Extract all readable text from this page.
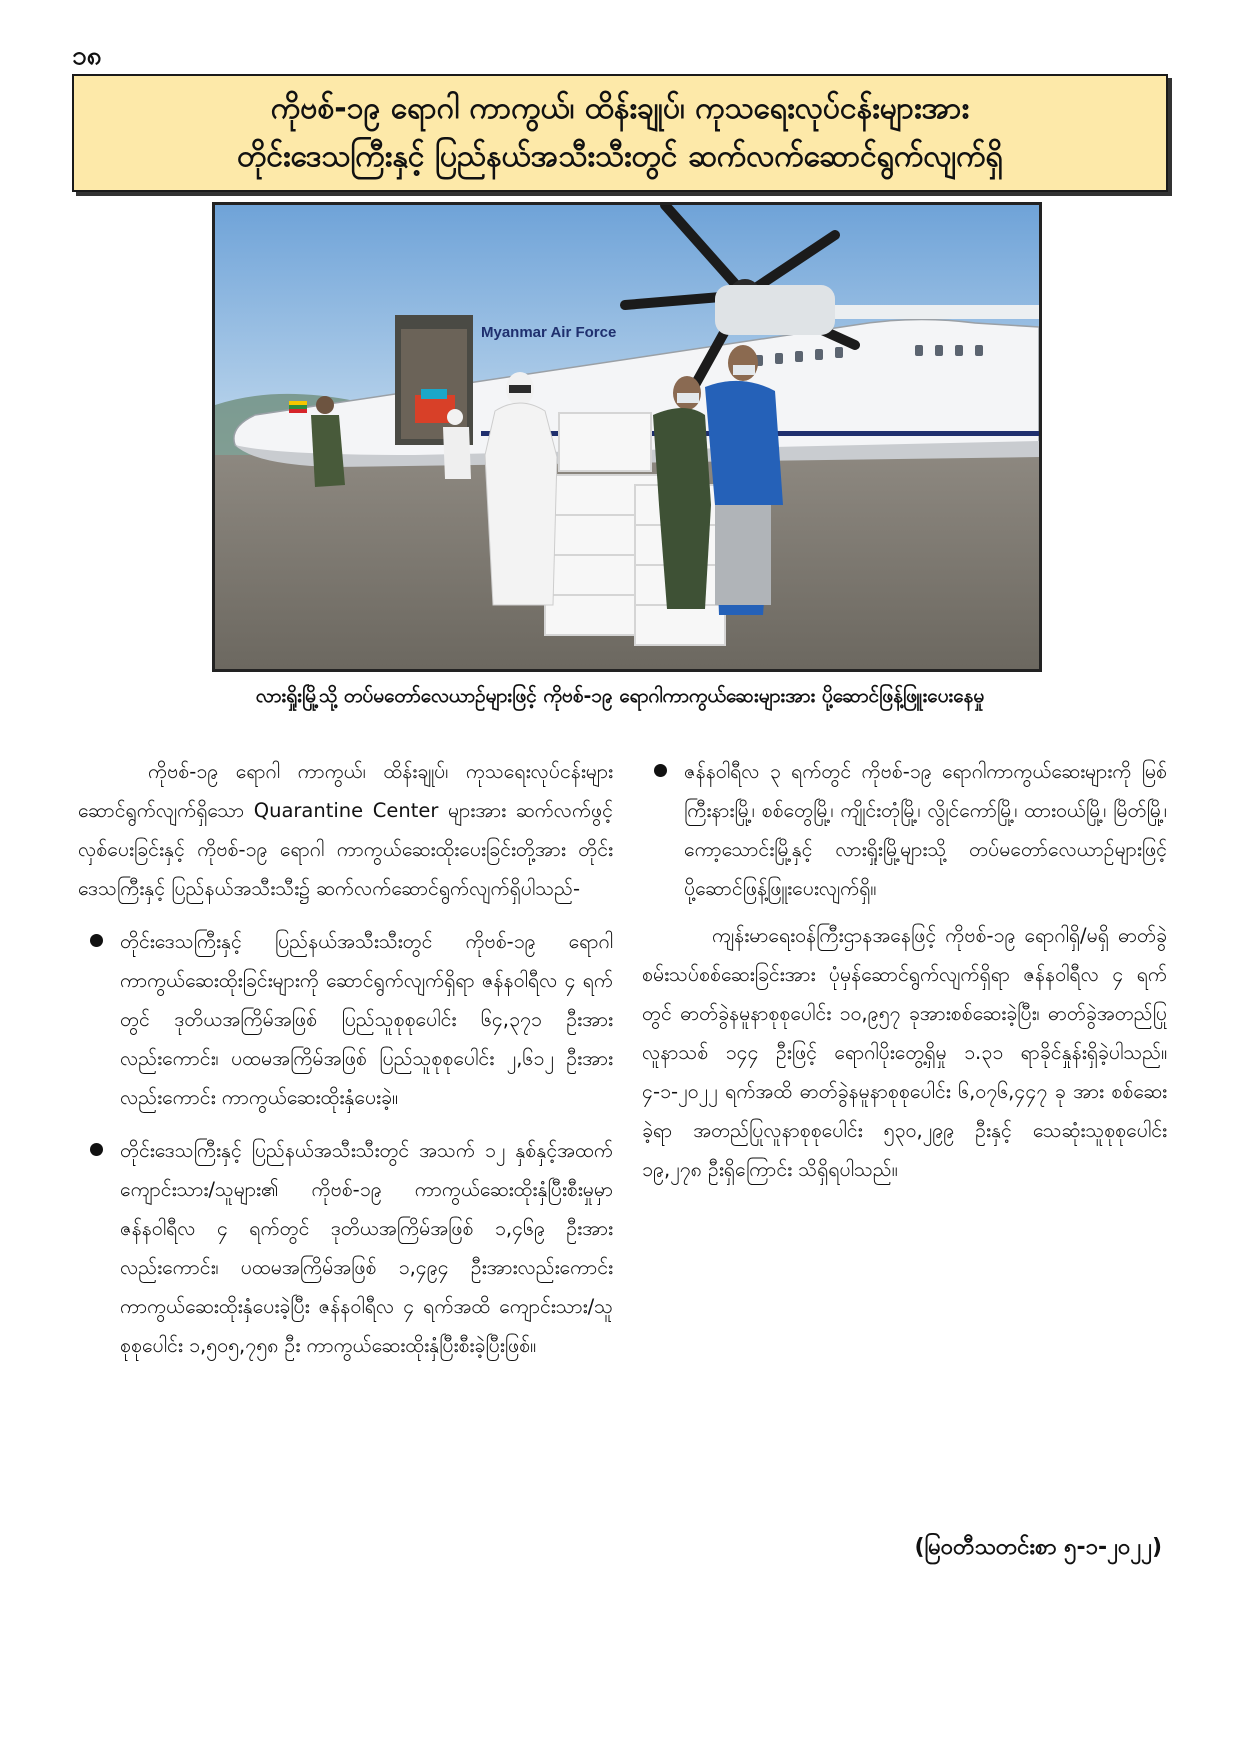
၁၈
ကိုဗစ်-၁၉ ရောဂါ ကာကွယ်၊ ထိန်းချုပ်၊ ကုသရေးလုပ်ငန်းများအား
တိုင်းဒေသကြီးနှင့် ပြည်နယ်အသီးသီးတွင် ဆက်လက်ဆောင်ရွက်လျက်ရှိ
Myanmar Air Force
လားရှိုးမြို့သို့ တပ်မတော်လေယာဉ်များဖြင့် ကိုဗစ်-၁၉ ရောဂါကာကွယ်ဆေးများအား ပို့ဆောင်ဖြန့်ဖြူးပေးနေမှု

ကိုဗစ်-၁၉ ရောဂါ ကာကွယ်၊ ထိန်းချုပ်၊ ကုသရေးလုပ်ငန်းများဆောင်ရွက်လျက်ရှိသော Quarantine Center များအား ဆက်လက်ဖွင့်လှစ်ပေးခြင်းနှင့် ကိုဗစ်-၁၉ ရောဂါ ကာကွယ်ဆေးထိုးပေးခြင်းတို့အား တိုင်းဒေသကြီးနှင့် ပြည်နယ်အသီးသီး၌ ဆက်လက်ဆောင်ရွက်လျက်ရှိပါသည်-

တိုင်းဒေသကြီးနှင့် ပြည်နယ်အသီးသီးတွင် ကိုဗစ်-၁၉ ရောဂါ ကာကွယ်ဆေးထိုးခြင်းများကို ဆောင်ရွက်လျက်ရှိရာ ဇန်နဝါရီလ ၄ ရက်တွင် ဒုတိယအကြိမ်အဖြစ် ပြည်သူစုစုပေါင်း ၆၄,၃၇၁ ဦးအားလည်းကောင်း၊ ပထမအကြိမ်အဖြစ် ပြည်သူစုစုပေါင်း ၂,၆၁၂ ဦးအားလည်းကောင်း ကာကွယ်ဆေးထိုးနှံပေးခဲ့။

တိုင်းဒေသကြီးနှင့် ပြည်နယ်အသီးသီးတွင် အသက် ၁၂ နှစ်နှင့်အထက် ကျောင်းသား/သူများ၏ ကိုဗစ်-၁၉ ကာကွယ်ဆေးထိုးနှံပြီးစီးမှုမှာ ဇန်နဝါရီလ ၄ ရက်တွင် ဒုတိယအကြိမ်အဖြစ် ၁,၄၆၉ ဦးအားလည်းကောင်း၊ ပထမအကြိမ်အဖြစ် ၁,၄၉၄ ဦးအားလည်းကောင်း ကာကွယ်ဆေးထိုးနှံပေးခဲ့ပြီး ဇန်နဝါရီလ ၄ ရက်အထိ ကျောင်းသား/သူစုစုပေါင်း ၁,၅၀၅,၇၅၈ ဦး ကာကွယ်ဆေးထိုးနှံပြီးစီးခဲ့ပြီးဖြစ်။

ဇန်နဝါရီလ ၃ ရက်တွင် ကိုဗစ်-၁၉ ရောဂါကာကွယ်ဆေးများကို မြစ်ကြီးနားမြို့၊ စစ်တွေမြို့၊ ကျိုင်းတုံမြို့၊ လွိုင်ကော်မြို့၊ ထားဝယ်မြို့၊ မြိတ်မြို့၊ ကော့သောင်းမြို့နှင့် လားရှိုးမြို့များသို့ တပ်မတော်လေယာဉ်များဖြင့် ပို့ဆောင်ဖြန့်ဖြူးပေးလျက်ရှိ။

ကျန်းမာရေးဝန်ကြီးဌာနအနေဖြင့် ကိုဗစ်-၁၉ ရောဂါရှိ/မရှိ ဓာတ်ခွဲစမ်းသပ်စစ်ဆေးခြင်းအား ပုံမှန်ဆောင်ရွက်လျက်ရှိရာ ဇန်နဝါရီလ ၄ ရက်တွင် ဓာတ်ခွဲနမူနာစုစုပေါင်း ၁၀,၉၅၇ ခုအားစစ်ဆေးခဲ့ပြီး၊ ဓာတ်ခွဲအတည်ပြုလူနာသစ် ၁၄၄ ဦးဖြင့် ရောဂါပိုးတွေ့ရှိမှု ၁.၃၁ ရာခိုင်နှုန်းရှိခဲ့ပါသည်။ ၄-၁-၂၀၂၂ ရက်အထိ ဓာတ်ခွဲနမူနာစုစုပေါင်း ၆,၀၇၆,၄၄၇ ခု အား စစ်ဆေးခဲ့ရာ အတည်ပြုလူနာစုစုပေါင်း ၅၃၀,၂၉၉ ဦးနှင့် သေဆုံးသူစုစုပေါင်း ၁၉,၂၇၈ ဦးရှိကြောင်း သိရှိရပါသည်။

(မြဝတီသတင်းစာ ၅-၁-၂၀၂၂)
